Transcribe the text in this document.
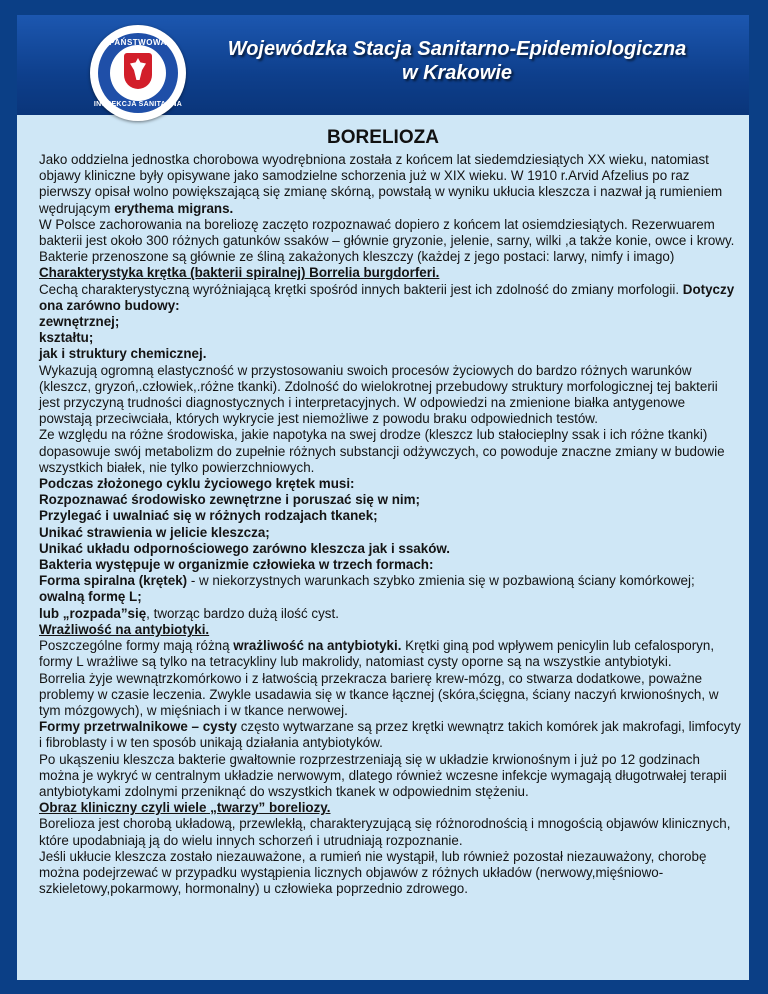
PAŃSTWOWA
INSPEKCJA SANITARNA
Wojewódzka Stacja Sanitarno-Epidemiologiczna
w Krakowie
BORELIOZA

Jako oddzielna jednostka chorobowa wyodrębniona została z końcem lat siedemdziesiątych XX wieku, natomiast objawy kliniczne były opisywane jako samodzielne schorzenia już w XIX wieku. W 1910 r.Arvid Afzelius po raz pierwszy opisał wolno powiększającą się zmianę skórną, powstałą w wyniku ukłucia kleszcza i nazwał ją rumieniem wędrującym erythema migrans.

W Polsce zachorowania na boreliozę zaczęto rozpoznawać dopiero z końcem lat osiemdziesiątych. Rezerwuarem bakterii jest około 300 różnych gatunków ssaków – głównie gryzonie, jelenie, sarny, wilki ,a także konie, owce i krowy. Bakterie przenoszone są głównie ze śliną zakażonych kleszczy (każdej z jego postaci: larwy, nimfy i imago)

Charakterystyka krętka (bakterii spiralnej) Borrelia burgdorferi.

Cechą charakterystyczną wyróżniającą krętki spośród innych bakterii jest ich zdolność do zmiany morfologii. Dotyczy ona zarówno budowy:

zewnętrznej;

kształtu;

jak i struktury chemicznej.

Wykazują ogromną elastyczność w przystosowaniu swoich procesów życiowych do bardzo różnych warunków (kleszcz, gryzoń,.człowiek,.różne tkanki). Zdolność do wielokrotnej przebudowy struktury morfologicznej tej bakterii jest przyczyną trudności diagnostycznych i interpretacyjnych. W odpowiedzi na zmienione białka antygenowe powstają przeciwciała, których wykrycie jest niemożliwe z powodu braku odpowiednich testów.

Ze względu na różne środowiska, jakie napotyka na swej drodze (kleszcz lub stałocieplny ssak i ich różne tkanki) dopasowuje swój metabolizm do zupełnie różnych substancji odżywczych, co powoduje znaczne zmiany w budowie wszystkich białek, nie tylko powierzchniowych.

Podczas złożonego cyklu życiowego krętek musi:

Rozpoznawać środowisko zewnętrzne i poruszać się w nim;

Przylegać i uwalniać się w różnych rodzajach tkanek;

Unikać strawienia w jelicie kleszcza;

Unikać układu odpornościowego zarówno kleszcza jak i ssaków.

Bakteria występuje w organizmie człowieka w trzech formach:

Forma spiralna (krętek) - w niekorzystnych warunkach szybko zmienia się w pozbawioną ściany komórkowej;

owalną formę L;

lub „rozpada”się, tworząc bardzo dużą ilość cyst.

Wrażliwość na antybiotyki.

Poszczególne formy mają różną wrażliwość na antybiotyki. Krętki giną pod wpływem penicylin lub cefalosporyn, formy L wrażliwe są tylko na tetracykliny lub makrolidy, natomiast cysty oporne są na wszystkie antybiotyki.

Borrelia żyje wewnątrzkomórkowo i z łatwością przekracza barierę krew-mózg, co stwarza dodatkowe, poważne problemy w czasie leczenia. Zwykle usadawia się w tkance łącznej (skóra,ścięgna, ściany naczyń krwionośnych, w tym mózgowych), w mięśniach i w tkance nerwowej.

Formy przetrwalnikowe – cysty często wytwarzane są przez krętki wewnątrz takich komórek jak makrofagi, limfocyty i fibroblasty i w ten sposób unikają działania antybiotyków.

Po ukąszeniu kleszcza bakterie gwałtownie rozprzestrzeniają się w układzie krwionośnym i już po 12 godzinach można je wykryć w centralnym układzie nerwowym, dlatego również wczesne infekcje wymagają długotrwałej terapii antybiotykami zdolnymi przeniknąć do wszystkich tkanek w odpowiednim stężeniu.

Obraz kliniczny czyli wiele „twarzy” boreliozy.

Borelioza jest chorobą układową, przewlekłą, charakteryzującą się różnorodnością i mnogością objawów klinicznych, które upodabniają ją do wielu innych schorzeń i utrudniają rozpoznanie.

Jeśli ukłucie kleszcza zostało niezauważone, a rumień nie wystąpił, lub również pozostał niezauważony, chorobę można podejrzewać w przypadku wystąpienia licznych objawów z różnych układów (nerwowy,mięśniowo-szkieletowy,pokarmowy, hormonalny) u człowieka poprzednio zdrowego.
